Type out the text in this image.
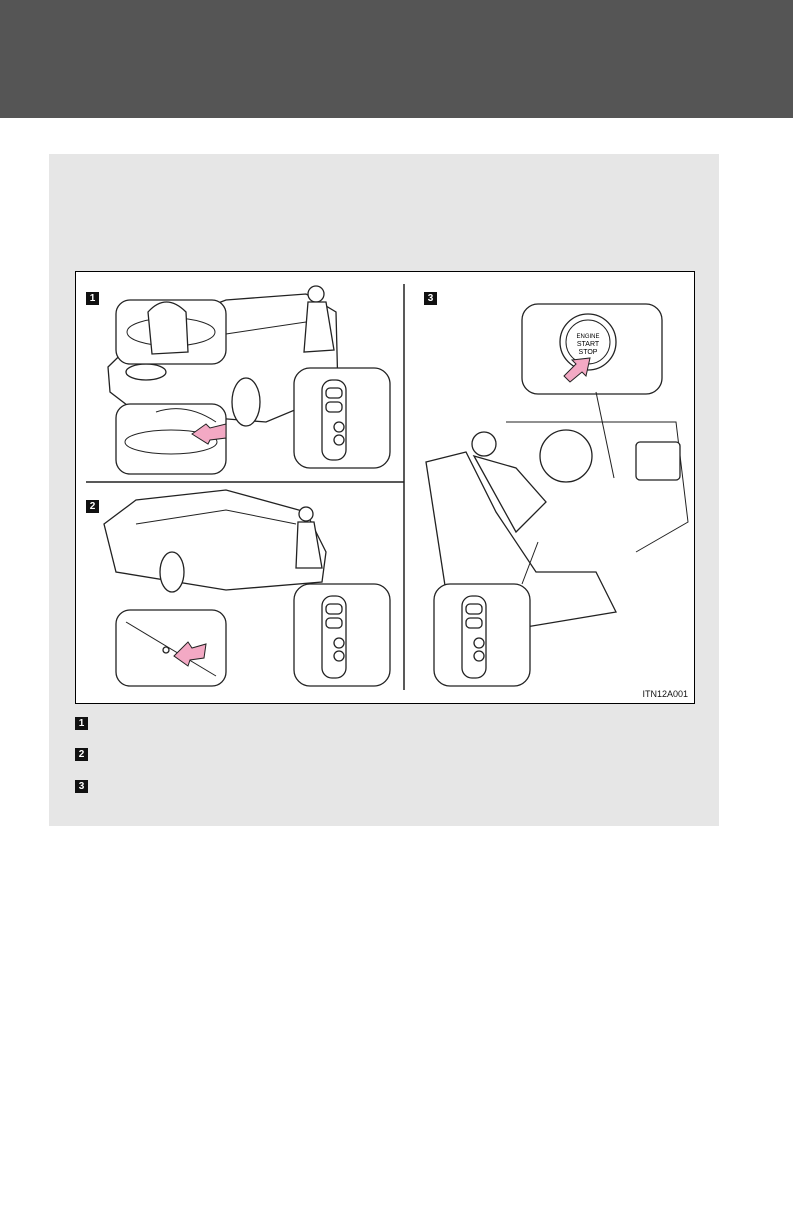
ENGINE
START
STOP
1
2
3
ITN12A001
1
2
3
